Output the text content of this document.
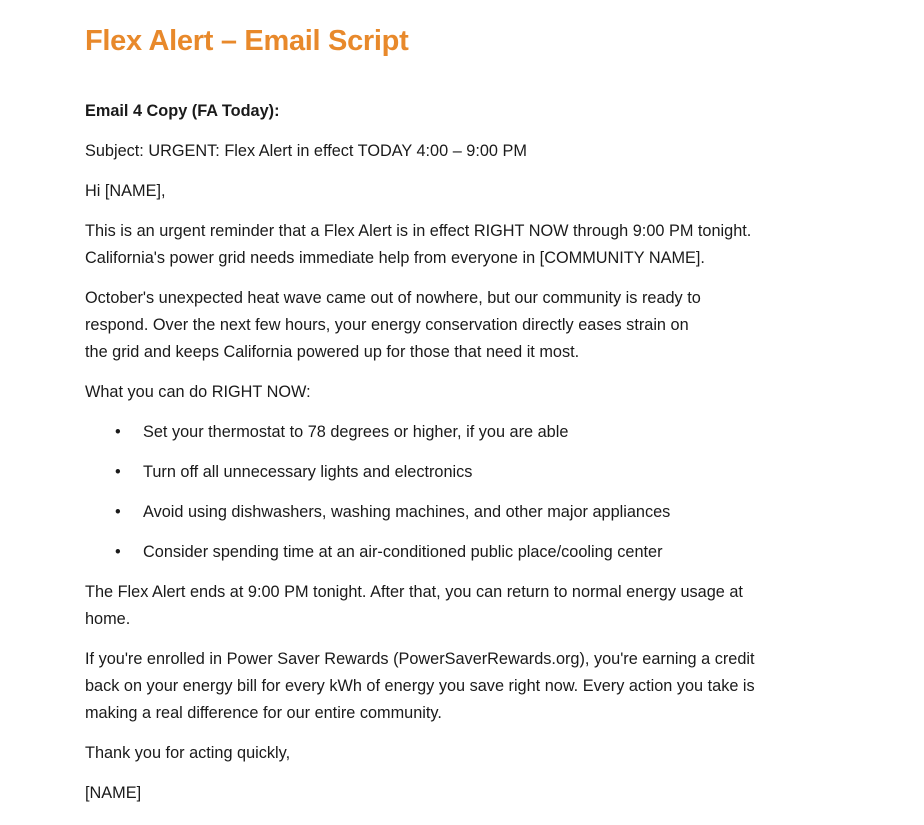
Flex Alert – Email Script

Email 4 Copy (FA Today):

Subject: URGENT: Flex Alert in effect TODAY 4:00 – 9:00 PM

Hi [NAME],

This is an urgent reminder that a Flex Alert is in effect RIGHT NOW through 9:00 PM tonight.
California's power grid needs immediate help from everyone in [COMMUNITY NAME].

October's unexpected heat wave came out of nowhere, but our community is ready to
respond. Over the next few hours, your energy conservation directly eases strain on
the grid and keeps California powered up for those that need it most.

What you can do RIGHT NOW:

• Set your thermostat to 78 degrees or higher, if you are able
• Turn off all unnecessary lights and electronics
• Avoid using dishwashers, washing machines, and other major appliances
• Consider spending time at an air-conditioned public place/cooling center

The Flex Alert ends at 9:00 PM tonight. After that, you can return to normal energy usage at
home.

If you're enrolled in Power Saver Rewards (PowerSaverRewards.org), you're earning a credit
back on your energy bill for every kWh of energy you save right now. Every action you take is
making a real difference for our entire community.

Thank you for acting quickly,

[NAME]
